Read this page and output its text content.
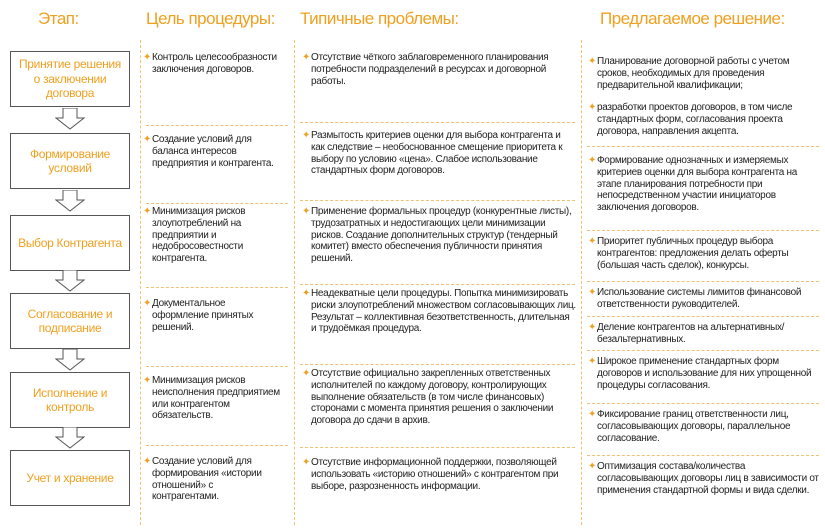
Этап:	Цель процедуры: Типичные проблемы:	Предлагаемое решение:
Принятие решения о заключении договора
Формирование условий
Выбор Контрагента
Согласование и подписание
Исполнение и контроль
Учет и хранение
✦ Контроль целесообразности заключения договоров.
✦ Создание условий для баланса интересов предприятия и контрагента.
✦ Минимизация рисков злоупотреблений на предприятии и недобросовестности контрагента.
✦ Документальное оформление принятых решений.
✦ Минимизация рисков неисполнения предприятием или контрагентом обязательств.
✦ Создание условий для формирования «истории отношений» с контрагентами.
✦ Отсутствие чёткого заблаговременного планирования потребности подразделений в ресурсах и договорной работы.
✦ Размытость критериев оценки для выбора контрагента и как следствие – необоснованное смещение приоритета к выбору по условию «цена». Слабое использование стандартных форм договоров.
✦ Применение формальных процедур (конкурентные листы), трудозатратных и недостигающих цели минимизации рисков. Создание дополнительных структур (тендерный комитет) вместо обеспечения публичности принятия решений.
✦ Неадекватные цели процедуры. Попытка минимизировать риски злоупотреблений множеством согласовывающих лиц. Результат – коллективная безответственность, длительная и трудоёмкая процедура.
✦ Отсутствие официально закрепленных ответственных исполнителей по каждому договору, контролирующих выполнение обязательств (в том числе финансовых) сторонами с момента принятия решения о заключении договора до сдачи в архив.
✦ Отсутствие информационной поддержки, позволяющей использовать «историю отношений» с контрагентом при выборе, разрозненность информации.
✦ Планирование договорной работы с учетом сроков, необходимых для проведения предварительной квалификации;
✦ разработки проектов договоров, в том числе стандартных форм, согласования проекта договора, направления акцепта.
✦ Формирование однозначных и измеряемых критериев оценки для выбора контрагента на этапе планирования потребности при непосредственном участии инициаторов заключения договоров.
✦ Приоритет публичных процедур выбора контрагентов: предложения делать оферты (большая часть сделок), конкурсы.
✦ Использование системы лимитов финансовой ответственности руководителей.
✦ Деление контрагентов на альтернативных/безальтернативных.
✦ Широкое применение стандартных форм договоров и использование для них упрощенной процедуры согласования.
✦ Фиксирование границ ответственности лиц, согласовывающих договоры, параллельное согласование.
✦ Оптимизация состава/количества согласовывающих договоры лиц в зависимости от применения стандартной формы и вида сделки.
